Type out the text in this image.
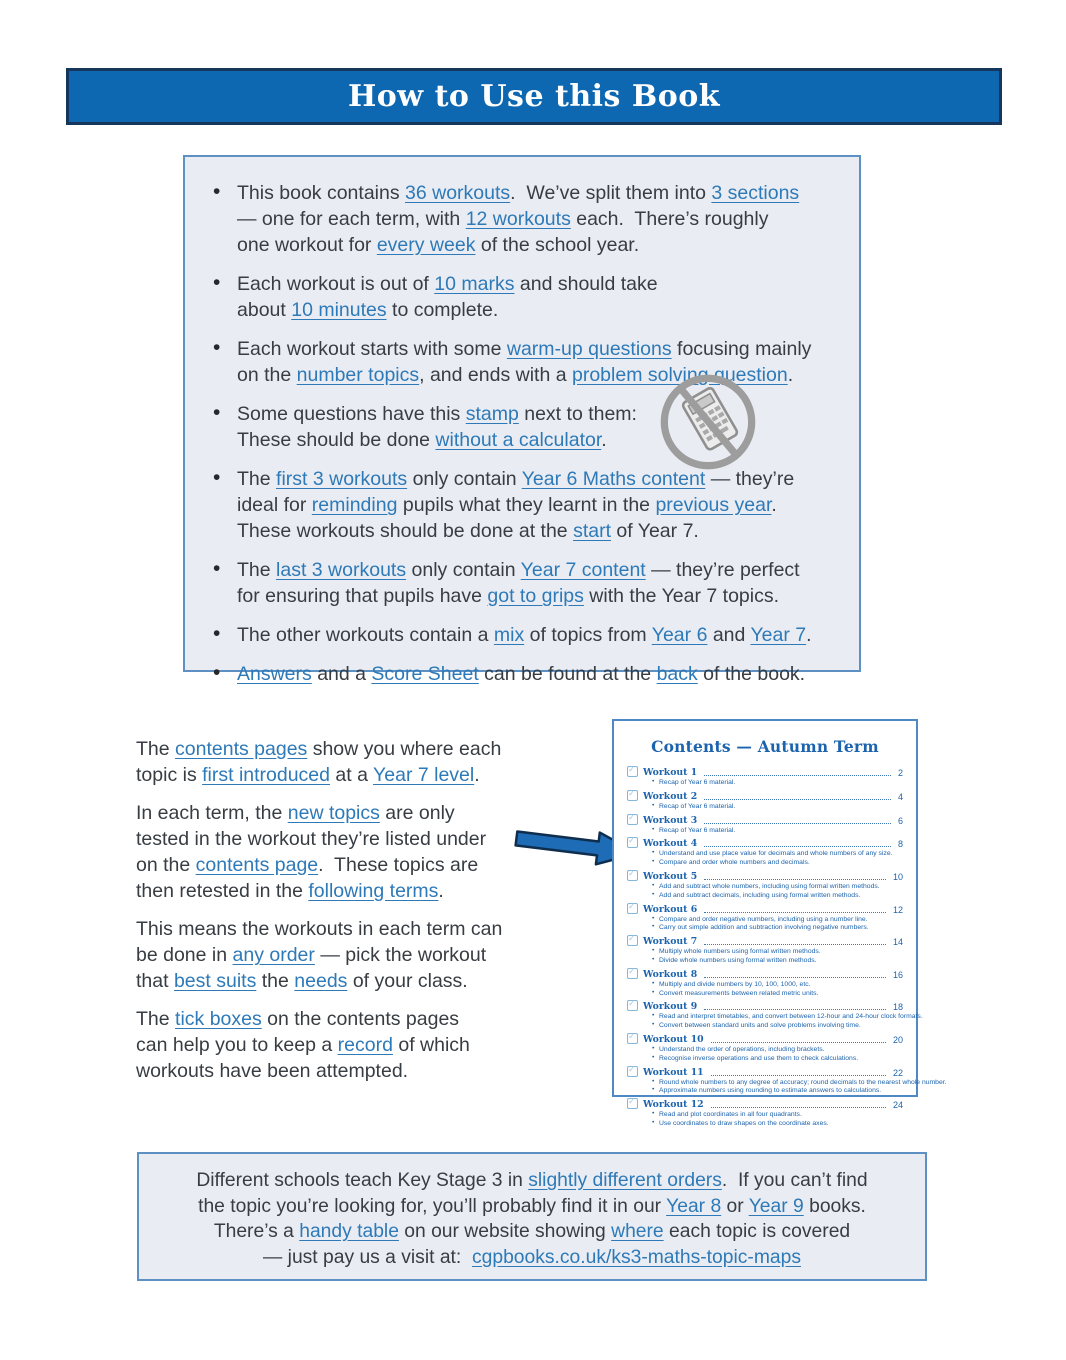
How to Use this Book
• This book contains 36 workouts.  We’ve split them into 3 sections
— one for each term, with 12 workouts each.  There’s roughly
one workout for every week of the school year.
• Each workout is out of 10 marks and should take
about 10 minutes to complete.
• Each workout starts with some warm-up questions focusing mainly
on the number topics, and ends with a problem solving question.
• Some questions have this stamp next to them:
These should be done without a calculator.
• The first 3 workouts only contain Year 6 Maths content — they’re
ideal for reminding pupils what they learnt in the previous year.
These workouts should be done at the start of Year 7.
• The last 3 workouts only contain Year 7 content — they’re perfect
for ensuring that pupils have got to grips with the Year 7 topics.
• The other workouts contain a mix of topics from Year 6 and Year 7.
• Answers and a Score Sheet can be found at the back of the book.

The contents pages show you where each
topic is first introduced at a Year 7 level.

In each term, the new topics are only
tested in the workout they’re listed under
on the contents page.  These topics are
then retested in the following terms.

This means the workouts in each term can
be done in any order — pick the workout
that best suits the needs of your class.

The tick boxes on the contents pages
can help you to keep a record of which
workouts have been attempted.

Contents — Autumn Term
✓ Workout 1	2
• Recap of Year 6 material.
✓ Workout 2	4
• Recap of Year 6 material.
✓ Workout 3	6
• Recap of Year 6 material.
✓ Workout 4	8
• Understand and use place value for decimals and whole numbers of any size.
• Compare and order whole numbers and decimals.
✓ Workout 5	10
• Add and subtract whole numbers, including using formal written methods.
• Add and subtract decimals, including using formal written methods.
✓ Workout 6	12
• Compare and order negative numbers, including using a number line.
• Carry out simple addition and subtraction involving negative numbers.
✓ Workout 7	14
• Multiply whole numbers using formal written methods.
• Divide whole numbers using formal written methods.
✓ Workout 8	16
• Multiply and divide numbers by 10, 100, 1000, etc.
• Convert measurements between related metric units.
✓ Workout 9	18
• Read and interpret timetables, and convert between 12-hour and 24-hour clock formats.
• Convert between standard units and solve problems involving time.
✓ Workout 10	20
• Understand the order of operations, including brackets.
• Recognise inverse operations and use them to check calculations.
✓ Workout 11	22
• Round whole numbers to any degree of accuracy; round decimals to the nearest whole number.
• Approximate numbers using rounding to estimate answers to calculations.
✓ Workout 12	24
• Read and plot coordinates in all four quadrants.
• Use coordinates to draw shapes on the coordinate axes.
Different schools teach Key Stage 3 in slightly different orders.  If you can’t find
the topic you’re looking for, you’ll probably find it in our Year 8 or Year 9 books.
There’s a handy table on our website showing where each topic is covered
— just pay us a visit at:  cgpbooks.co.uk/ks3-maths-topic-maps
